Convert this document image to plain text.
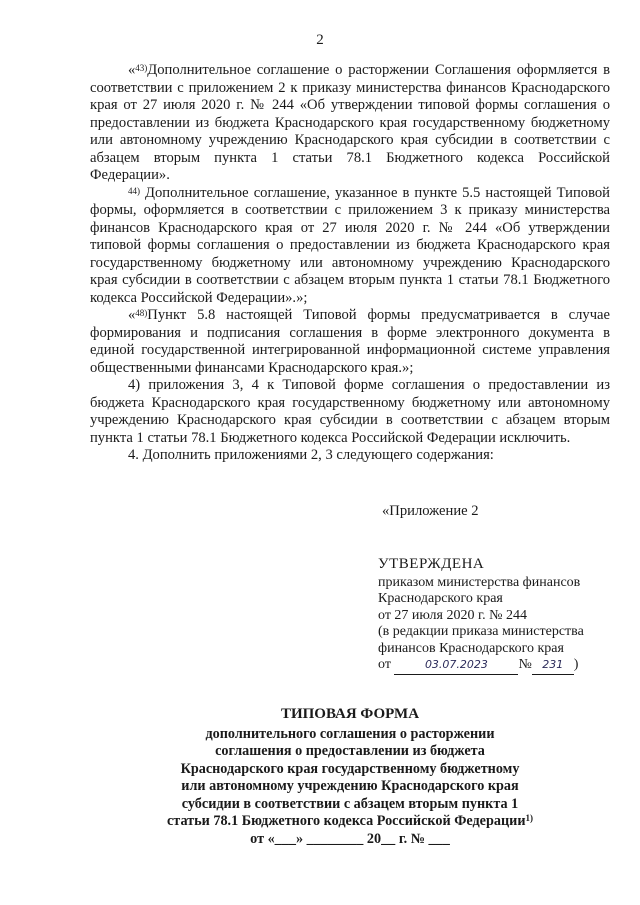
2

«$^{43)}$Дополнительное соглашение о расторжении Соглашения оформляется в соответствии с приложением 2 к приказу министерства финансов Краснодарского края от 27 июля 2020 г. № 244 «Об утверждении типовой формы соглашения о предоставлении из бюджета Краснодарского края государственному бюджетному или автономному учреждению Краснодарского края субсидии в соответствии с абзацем вторым пункта 1 статьи 78.1 Бюджетного кодекса Российской Федерации».

$^{44)}$ Дополнительное соглашение, указанное в пункте 5.5 настоящей Типовой формы, оформляется в соответствии с приложением 3 к приказу министерства финансов Краснодарского края от 27 июля 2020 г. № 244 «Об утверждении типовой формы соглашения о предоставлении из бюджета Краснодарского края государственному бюджетному или автономному учреждению Краснодарского края субсидии в соответствии с абзацем вторым пункта 1 статьи 78.1 Бюджетного кодекса Российской Федерации».»;

«$^{48)}$Пункт 5.8 настоящей Типовой формы предусматривается в случае формирования и подписания соглашения в форме электронного документа в единой государственной интегрированной информационной системе управления общественными финансами Краснодарского края.»;

4) приложения 3, 4 к Типовой форме соглашения о предоставлении из бюджета Краснодарского края государственному бюджетному или автономному учреждению Краснодарского края субсидии в соответствии с абзацем вторым пункта 1 статьи 78.1 Бюджетного кодекса Российской Федерации исключить.

4. Дополнить приложениями 2, 3 следующего содержания:

«Приложение 2
УТВЕРЖДЕНА
приказом министерства финансов
Краснодарского края
от 27 июля 2020 г. № 244
(в редакции приказа министерства
финансов Краснодарского края
от	03.07.2023 № 231 )
ТИПОВАЯ ФОРМА
дополнительного соглашения о расторжении
соглашения о предоставлении из бюджета
Краснодарского края государственному бюджетному
или автономному учреждению Краснодарского края
субсидии в соответствии с абзацем вторым пункта 1
статьи 78.1 Бюджетного кодекса Российской Федерации$^{1)}$
от «___» ________ 20__ г. № ___
